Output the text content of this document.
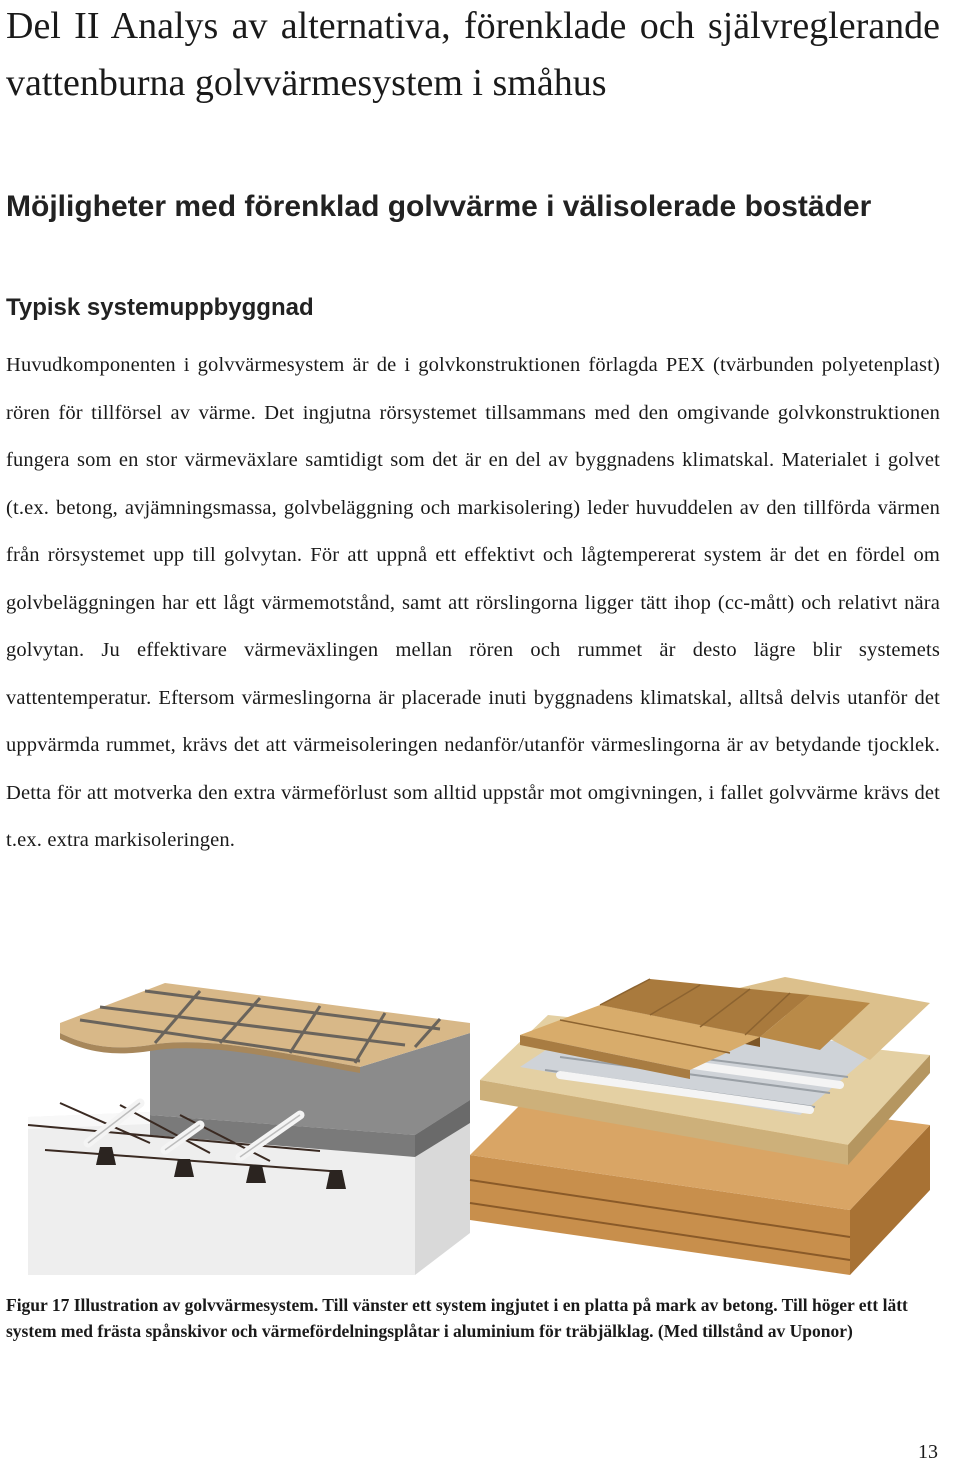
Del II Analys av alternativa, förenklade och självreglerande vattenburna golvvärmesystem i småhus
Möjligheter med förenklad golvvärme i välisolerade bostäder
Typisk systemuppbyggnad

Huvudkomponenten i golvvärmesystem är de i golvkonstruktionen förlagda PEX (tvärbunden polyetenplast) rören för tillförsel av värme. Det ingjutna rörsystemet tillsammans med den omgivande golvkonstruktionen fungera som en stor värmeväxlare samtidigt som det är en del av byggnadens klimatskal. Materialet i golvet (t.ex. betong, avjämningsmassa, golvbeläggning och markisolering) leder huvuddelen av den tillförda värmen från rörsystemet upp till golvytan. För att uppnå ett effektivt och lågtempererat system är det en fördel om golvbeläggningen har ett lågt värmemotstånd, samt att rörslingorna ligger tätt ihop (cc-mått) och relativt nära golvytan. Ju effektivare värmeväxlingen mellan rören och rummet är desto lägre blir systemets vattentemperatur. Eftersom värmeslingorna är placerade inuti byggnadens klimatskal, alltså delvis utanför det uppvärmda rummet, krävs det att värmeisoleringen nedanför/utanför värmeslingorna är av betydande tjocklek. Detta för att motverka den extra värmeförlust som alltid uppstår mot omgivningen, i fallet golvvärme krävs det t.ex. extra markisoleringen.

Figur 17 Illustration av golvvärmesystem. Till vänster ett system ingjutet i en platta på mark av betong. Till höger ett lätt system med frästa spånskivor och värmefördelningsplåtar i aluminium för träbjälklag. (Med tillstånd av Uponor)

13
